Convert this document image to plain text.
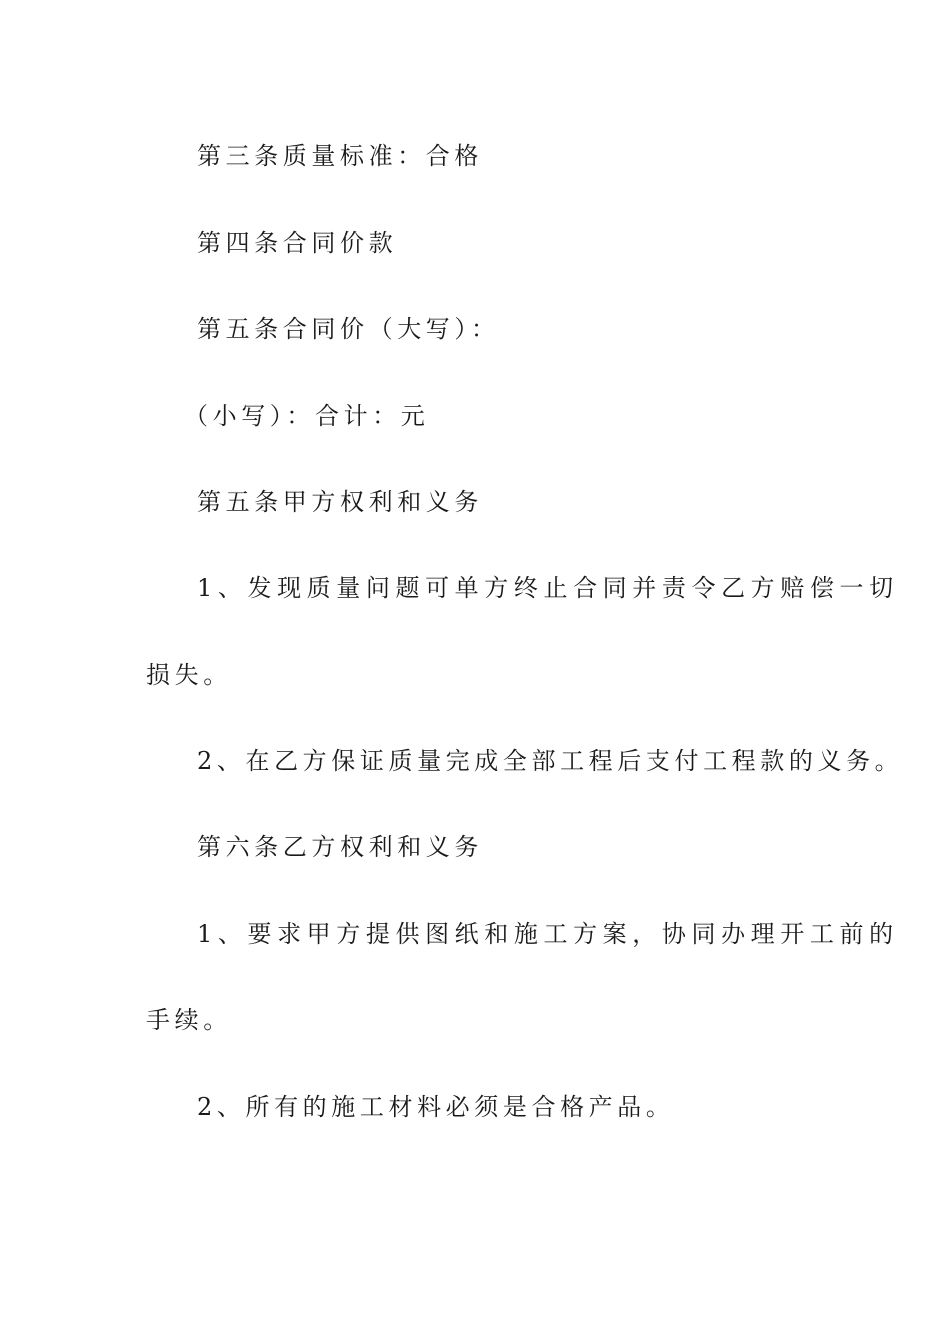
第三条质量标准：合格
第四条合同价款
第五条合同价（大写）：
（小写）：合计：元
第五条甲方权利和义务
1、发现质量问题可单方终止合同并责令乙方赔偿一切
损失。
2、在乙方保证质量完成全部工程后支付工程款的义务。
第六条乙方权利和义务
1、要求甲方提供图纸和施工方案，协同办理开工前的
手续。
2、所有的施工材料必须是合格产品。
